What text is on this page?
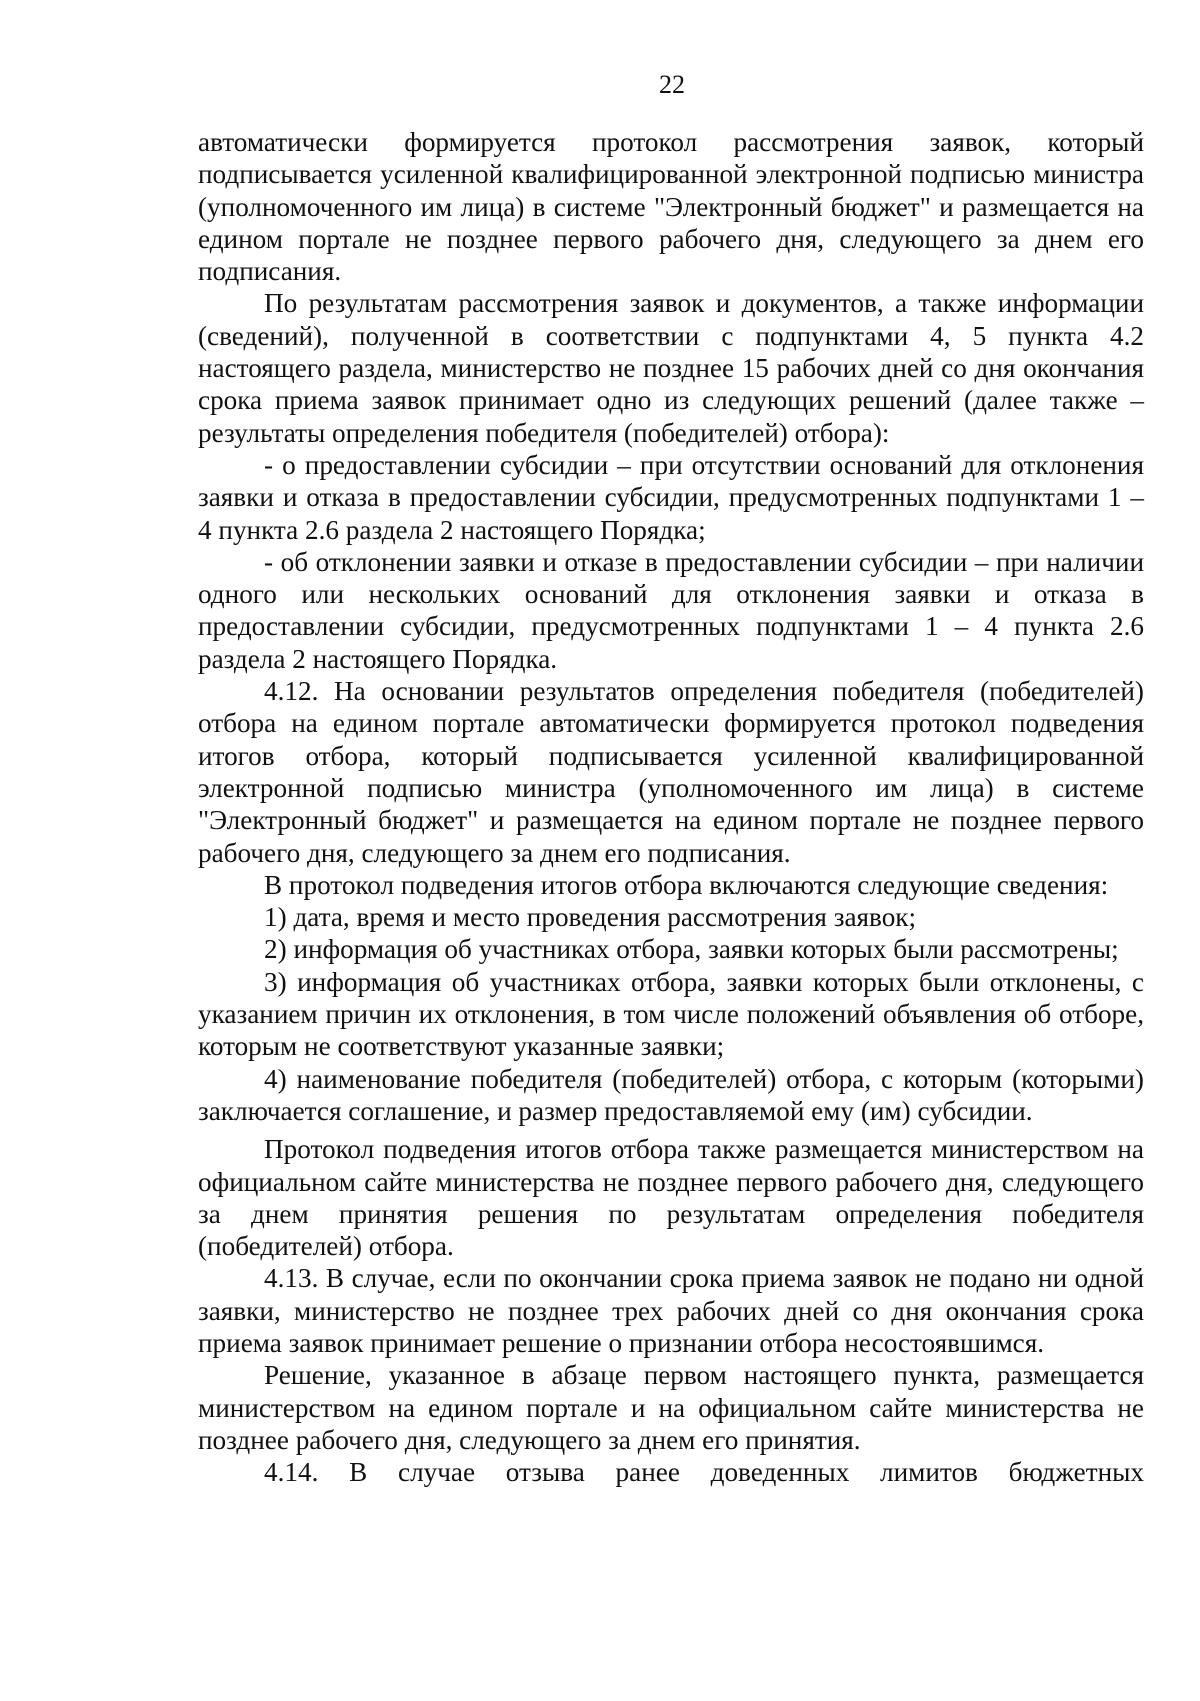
22

автоматически формируется протокол рассмотрения заявок, который подписывается усиленной квалифицированной электронной подписью министра (уполномоченного им лица) в системе "Электронный бюджет" и размещается на едином портале не позднее первого рабочего дня, следующего за днем его подписания.

По результатам рассмотрения заявок и документов, а также информации (сведений), полученной в соответствии с подпунктами 4, 5 пункта 4.2 настоящего раздела, министерство не позднее 15 рабочих дней со дня окончания срока приема заявок принимает одно из следующих решений (далее также – результаты определения победителя (победителей) отбора):

- о предоставлении субсидии – при отсутствии оснований для отклонения заявки и отказа в предоставлении субсидии, предусмотренных подпунктами 1 – 4 пункта 2.6 раздела 2 настоящего Порядка;

- об отклонении заявки и отказе в предоставлении субсидии – при наличии одного или нескольких оснований для отклонения заявки и отказа в предоставлении субсидии, предусмотренных подпунктами 1 – 4 пункта 2.6 раздела 2 настоящего Порядка.

4.12. На основании результатов определения победителя (победителей) отбора на едином портале автоматически формируется протокол подведения итогов отбора, который подписывается усиленной квалифицированной электронной подписью министра (уполномоченного им лица) в системе "Электронный бюджет" и размещается на едином портале не позднее первого рабочего дня, следующего за днем его подписания.

В протокол подведения итогов отбора включаются следующие сведения:

1) дата, время и место проведения рассмотрения заявок;

2) информация об участниках отбора, заявки которых были рассмотрены;

3) информация об участниках отбора, заявки которых были отклонены, с указанием причин их отклонения, в том числе положений объявления об отборе, которым не соответствуют указанные заявки;

4) наименование победителя (победителей) отбора, с которым (которыми) заключается соглашение, и размер предоставляемой ему (им) субсидии.

Протокол подведения итогов отбора также размещается министерством на официальном сайте министерства не позднее первого рабочего дня, следующего за днем принятия решения по результатам определения победителя (победителей) отбора.

4.13. В случае, если по окончании срока приема заявок не подано ни одной заявки, министерство не позднее трех рабочих дней со дня окончания срока приема заявок принимает решение о признании отбора несостоявшимся.

Решение, указанное в абзаце первом настоящего пункта, размещается министерством на едином портале и на официальном сайте министерства не позднее рабочего дня, следующего за днем его принятия.

4.14. В случае отзыва ранее доведенных лимитов бюджетных
